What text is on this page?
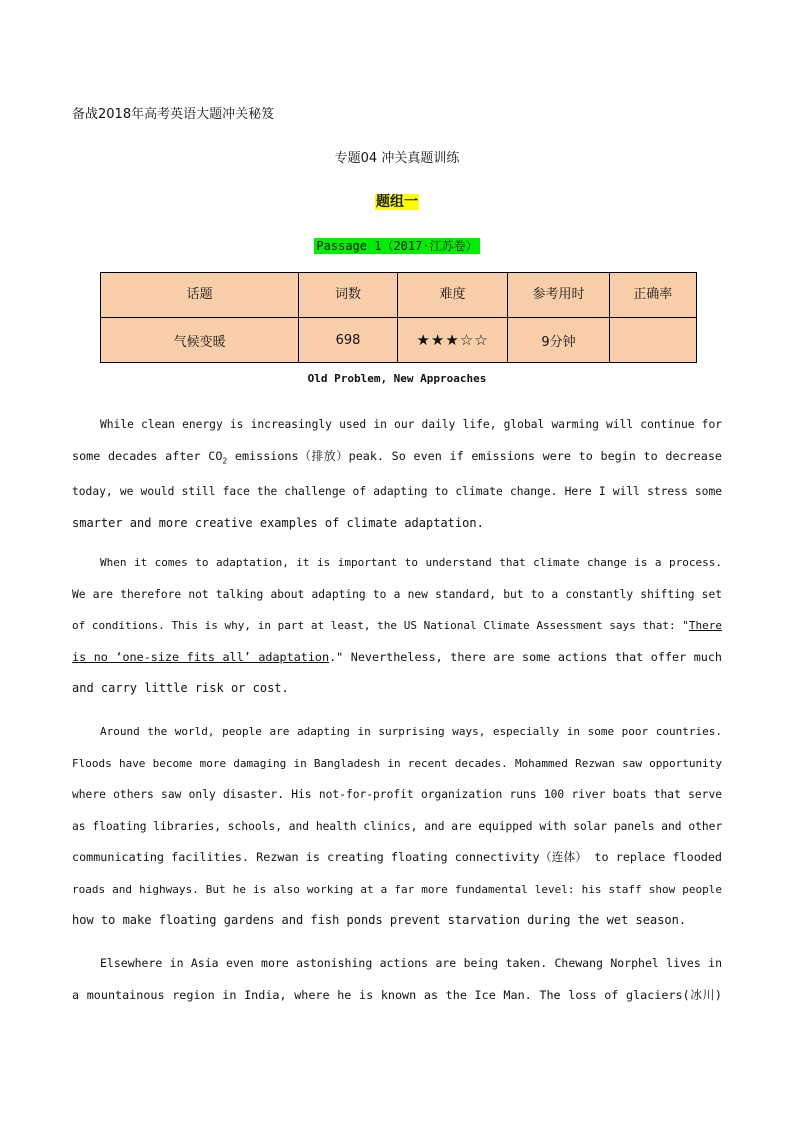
备战2018年高考英语大题冲关秘笈
专题04 冲关真题训练
题组一
Passage 1（2017·江苏卷）
话题	词数	难度	参考用时	正确率
气候变暖	698	★★★☆☆	9分钟	
Old Problem, New Approaches
While clean energy is increasingly used in our daily life, global warming will continue for
some decades after $CO_2$ emissions（排放）peak. So even if emissions were to begin to decrease
today, we would still face the challenge of adapting to climate change. Here I will stress some
smarter and more creative examples of climate adaptation.
When it comes to adaptation, it is important to understand that climate change is a process.
We are therefore not talking about adapting to a new standard, but to a constantly shifting set
of conditions. This is why, in part at least, the US National Climate Assessment says that: "There
is no ‘one-size fits all’ adaptation." Nevertheless, there are some actions that offer much
and carry little risk or cost.
Around the world, people are adapting in surprising ways, especially in some poor countries.
Floods have become more damaging in Bangladesh in recent decades. Mohammed Rezwan saw opportunity
where others saw only disaster. His not-for-profit organization runs 100 river boats that serve
as floating libraries, schools, and health clinics, and are equipped with solar panels and other
communicating facilities. Rezwan is creating floating connectivity（连体） to replace flooded
roads and highways. But he is also working at a far more fundamental level: his staff show people
how to make floating gardens and fish ponds prevent starvation during the wet season.
Elsewhere in Asia even more astonishing actions are being taken. Chewang Norphel lives in
a mountainous region in India, where he is known as the Ice Man. The loss of glaciers(冰川)
